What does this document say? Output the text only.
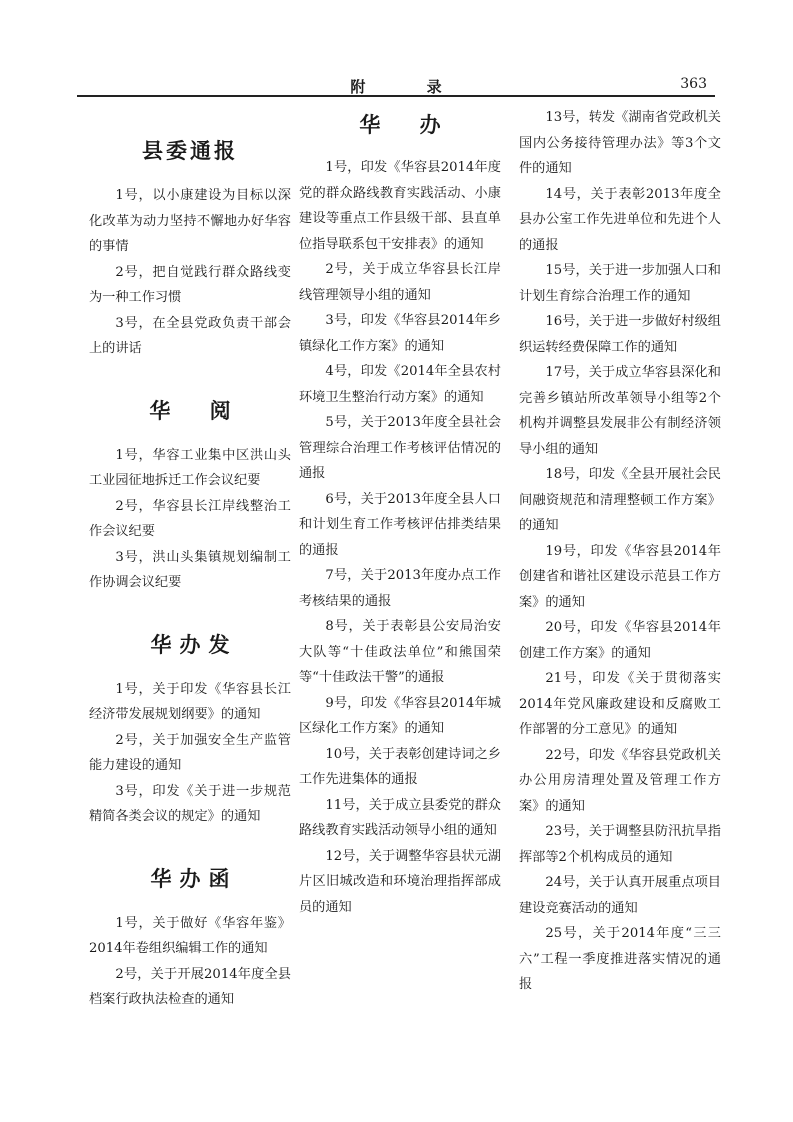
附 录	363
县委通报

1号，以小康建设为目标以深化改革为动力坚持不懈地办好华容的事情

2号，把自觉践行群众路线变为一种工作习惯

3号，在全县党政负责干部会上的讲话

华 阅

1号，华容工业集中区洪山头工业园征地拆迁工作会议纪要

2号，华容县长江岸线整治工作会议纪要

3号，洪山头集镇规划编制工作协调会议纪要

华办发

1号，关于印发《华容县长江经济带发展规划纲要》的通知

2号，关于加强安全生产监管能力建设的通知

3号，印发《关于进一步规范精简各类会议的规定》的通知

华办函

1号，关于做好《华容年鉴》2014年卷组织编辑工作的通知

2号，关于开展2014年度全县档案行政执法检查的通知

华 办

1号，印发《华容县2014年度党的群众路线教育实践活动、小康建设等重点工作县级干部、县直单位指导联系包干安排表》的通知

2号，关于成立华容县长江岸线管理领导小组的通知

3号，印发《华容县2014年乡镇绿化工作方案》的通知

4号，印发《2014年全县农村环境卫生整治行动方案》的通知

5号，关于2013年度全县社会管理综合治理工作考核评估情况的通报

6号，关于2013年度全县人口和计划生育工作考核评估排类结果的通报

7号，关于2013年度办点工作考核结果的通报

8号，关于表彰县公安局治安大队等“十佳政法单位”和熊国荣等“十佳政法干警”的通报

9号，印发《华容县2014年城区绿化工作方案》的通知

10号，关于表彰创建诗词之乡工作先进集体的通报

11号，关于成立县委党的群众路线教育实践活动领导小组的通知

12号，关于调整华容县状元湖片区旧城改造和环境治理指挥部成员的通知

13号，转发《湖南省党政机关国内公务接待管理办法》等3个文件的通知

14号，关于表彰2013年度全县办公室工作先进单位和先进个人的通报

15号，关于进一步加强人口和计划生育综合治理工作的通知

16号，关于进一步做好村级组织运转经费保障工作的通知

17号，关于成立华容县深化和完善乡镇站所改革领导小组等2个机构并调整县发展非公有制经济领导小组的通知

18号，印发《全县开展社会民间融资规范和清理整顿工作方案》的通知

19号，印发《华容县2014年创建省和谐社区建设示范县工作方案》的通知

20号，印发《华容县2014年创建工作方案》的通知

21号，印发《关于贯彻落实2014年党风廉政建设和反腐败工作部署的分工意见》的通知

22号，印发《华容县党政机关办公用房清理处置及管理工作方案》的通知

23号，关于调整县防汛抗旱指挥部等2个机构成员的通知

24号，关于认真开展重点项目建设竞赛活动的通知

25号，关于2014年度“三三六”工程一季度推进落实情况的通报
